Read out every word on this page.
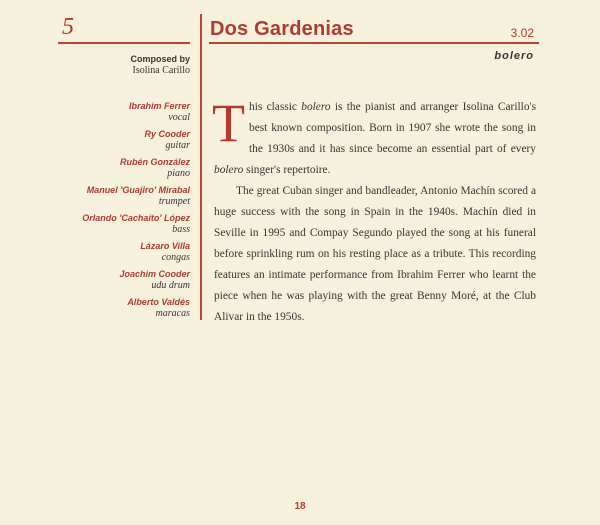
5	Dos Gardenias	3.02
bolero
Composed by
Isolina Carillo
Ibrahim Ferrer
vocal
Ry Cooder
guitar
Rubén González
piano
Manuel 'Guajiro' Mirabal
trumpet
Orlando 'Cachaíto' López
bass
Lázaro Villa
congas
Joachim Cooder
udu drum
Alberto Valdés
maracas

This classic bolero is the pianist and arranger Isolina Carillo's best known composition. Born in 1907 she wrote the song in the 1930s and it has since become an essential part of every bolero singer's repertoire.

The great Cuban singer and bandleader, Antonio Machín scored a huge success with the song in Spain in the 1940s. Machín died in Seville in 1995 and Compay Segundo played the song at his funeral before sprinkling rum on his resting place as a tribute. This recording features an intimate performance from Ibrahim Ferrer who learnt the piece when he was playing with the great Benny Moré, at the Club Alivar in the 1950s.

18
